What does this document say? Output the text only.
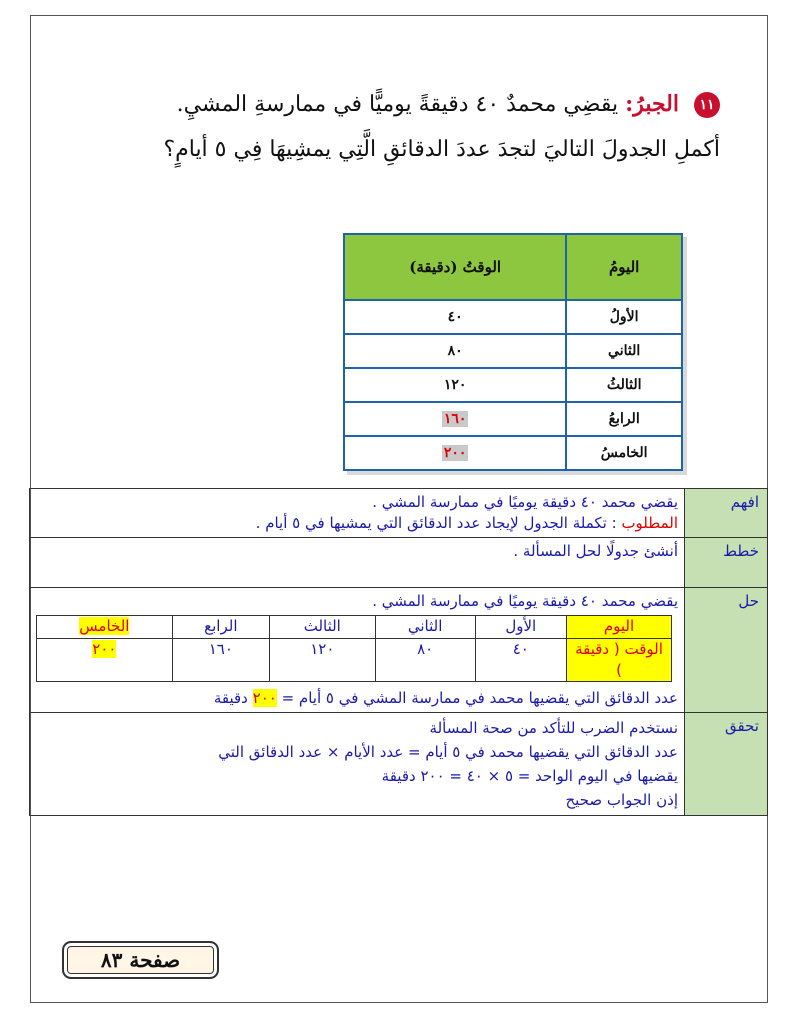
١١ الجبرُ: يقضِي محمدٌ ٤٠ دقيقةً يوميًّا في ممارسةِ المشيِ. أكملِ الجدولَ التاليَ لتجدَ عددَ الدقائقِ الَّتِي يمشِيهَا فِي ٥ أيامٍ؟
اليومُ	الوقتُ (دقيقة)
الأولُ	٤٠
الثاني	٨٠
الثالثُ	١٢٠
الرابعُ	١٦٠
الخامسُ	٢٠٠
افهم	
يقضي محمد ٤٠ دقيقة يوميًا في ممارسة المشي .
المطلوب : تكملة الجدول لإيجاد عدد الدقائق التي يمشيها في ٥ أيام .

خطط	
أنشئ جدولًا لحل المسألة .

حل	
يقضي محمد ٤٠ دقيقة يوميًا في ممارسة المشي .
اليوم	الأول	الثاني	الثالث	الرابع	الخامس
الوقت ( دقيقة )	٤٠	٨٠	١٢٠	١٦٠	٢٠٠
عدد الدقائق التي يقضيها محمد في ممارسة المشي في ٥ أيام = ٢٠٠ دقيقة

تحقق	
نستخدم الضرب للتأكد من صحة المسألة
عدد الدقائق التي يقضيها محمد في ٥ أيام = عدد الأيام × عدد الدقائق التي
يقضيها في اليوم الواحد = ٥ × ٤٠ = ٢٠٠ دقيقة
إذن الجواب صحيح
صفحة ٨٣
